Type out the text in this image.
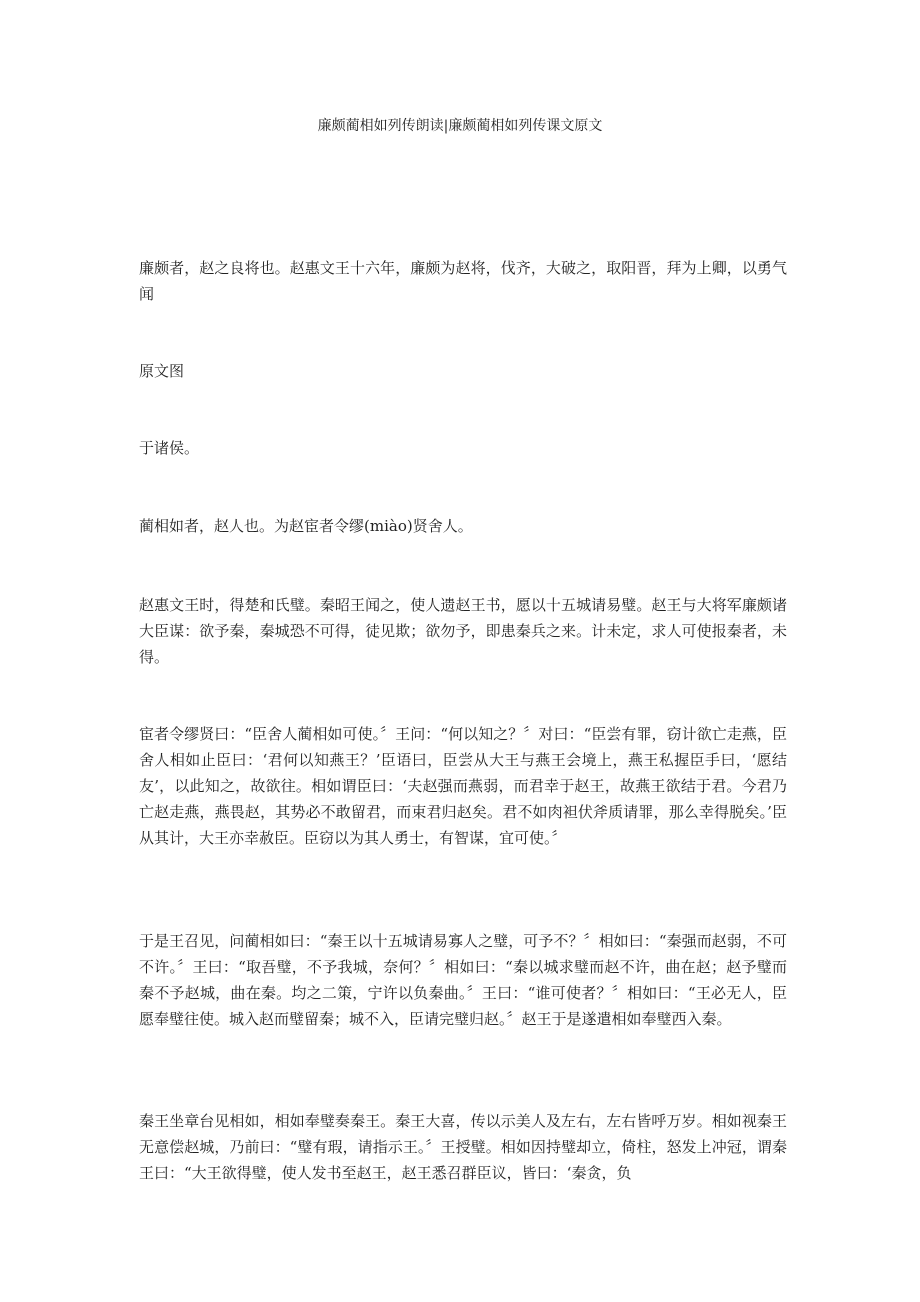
廉颇蔺相如列传朗读|廉颇蔺相如列传课文原文

廉颇者，赵之良将也。赵惠文王十六年，廉颇为赵将，伐齐，大破之，取阳晋，拜为上卿，以勇气闻

原文图

于诸侯。

蔺相如者，赵人也。为赵宦者令缪(miào)贤舍人。

赵惠文王时，得楚和氏璧。秦昭王闻之，使人遗赵王书，愿以十五城请易璧。赵王与大将军廉颇诸大臣谋：欲予秦，秦城恐不可得，徒见欺；欲勿予，即患秦兵之来。计未定，求人可使报秦者，未得。

宦者令缪贤曰：“臣舍人蔺相如可使。〞王问：“何以知之？〞对曰：“臣尝有罪，窃计欲亡走燕，臣舍人相如止臣曰：‘君何以知燕王？’臣语曰，臣尝从大王与燕王会境上，燕王私握臣手曰，‘愿结友’，以此知之，故欲往。相如谓臣曰：‘夫赵强而燕弱，而君幸于赵王，故燕王欲结于君。今君乃亡赵走燕，燕畏赵，其势必不敢留君，而束君归赵矣。君不如肉袒伏斧质请罪，那么幸得脱矣。’臣从其计，大王亦幸赦臣。臣窃以为其人勇士，有智谋，宜可使。〞

于是王召见，问蔺相如曰：“秦王以十五城请易寡人之璧，可予不？〞相如曰：“秦强而赵弱，不可不许。〞王曰：“取吾璧，不予我城，奈何？〞相如曰：“秦以城求璧而赵不许，曲在赵；赵予璧而秦不予赵城，曲在秦。均之二策，宁许以负秦曲。〞王曰：“谁可使者？〞相如曰：“王必无人，臣愿奉璧往使。城入赵而璧留秦；城不入，臣请完璧归赵。〞赵王于是遂遣相如奉璧西入秦。

秦王坐章台见相如，相如奉璧奏秦王。秦王大喜，传以示美人及左右，左右皆呼万岁。相如视秦王无意偿赵城，乃前曰：“璧有瑕，请指示王。〞王授璧。相如因持璧却立，倚柱，怒发上冲冠，谓秦王曰：“大王欲得璧，使人发书至赵王，赵王悉召群臣议，皆曰：‘秦贪，负
